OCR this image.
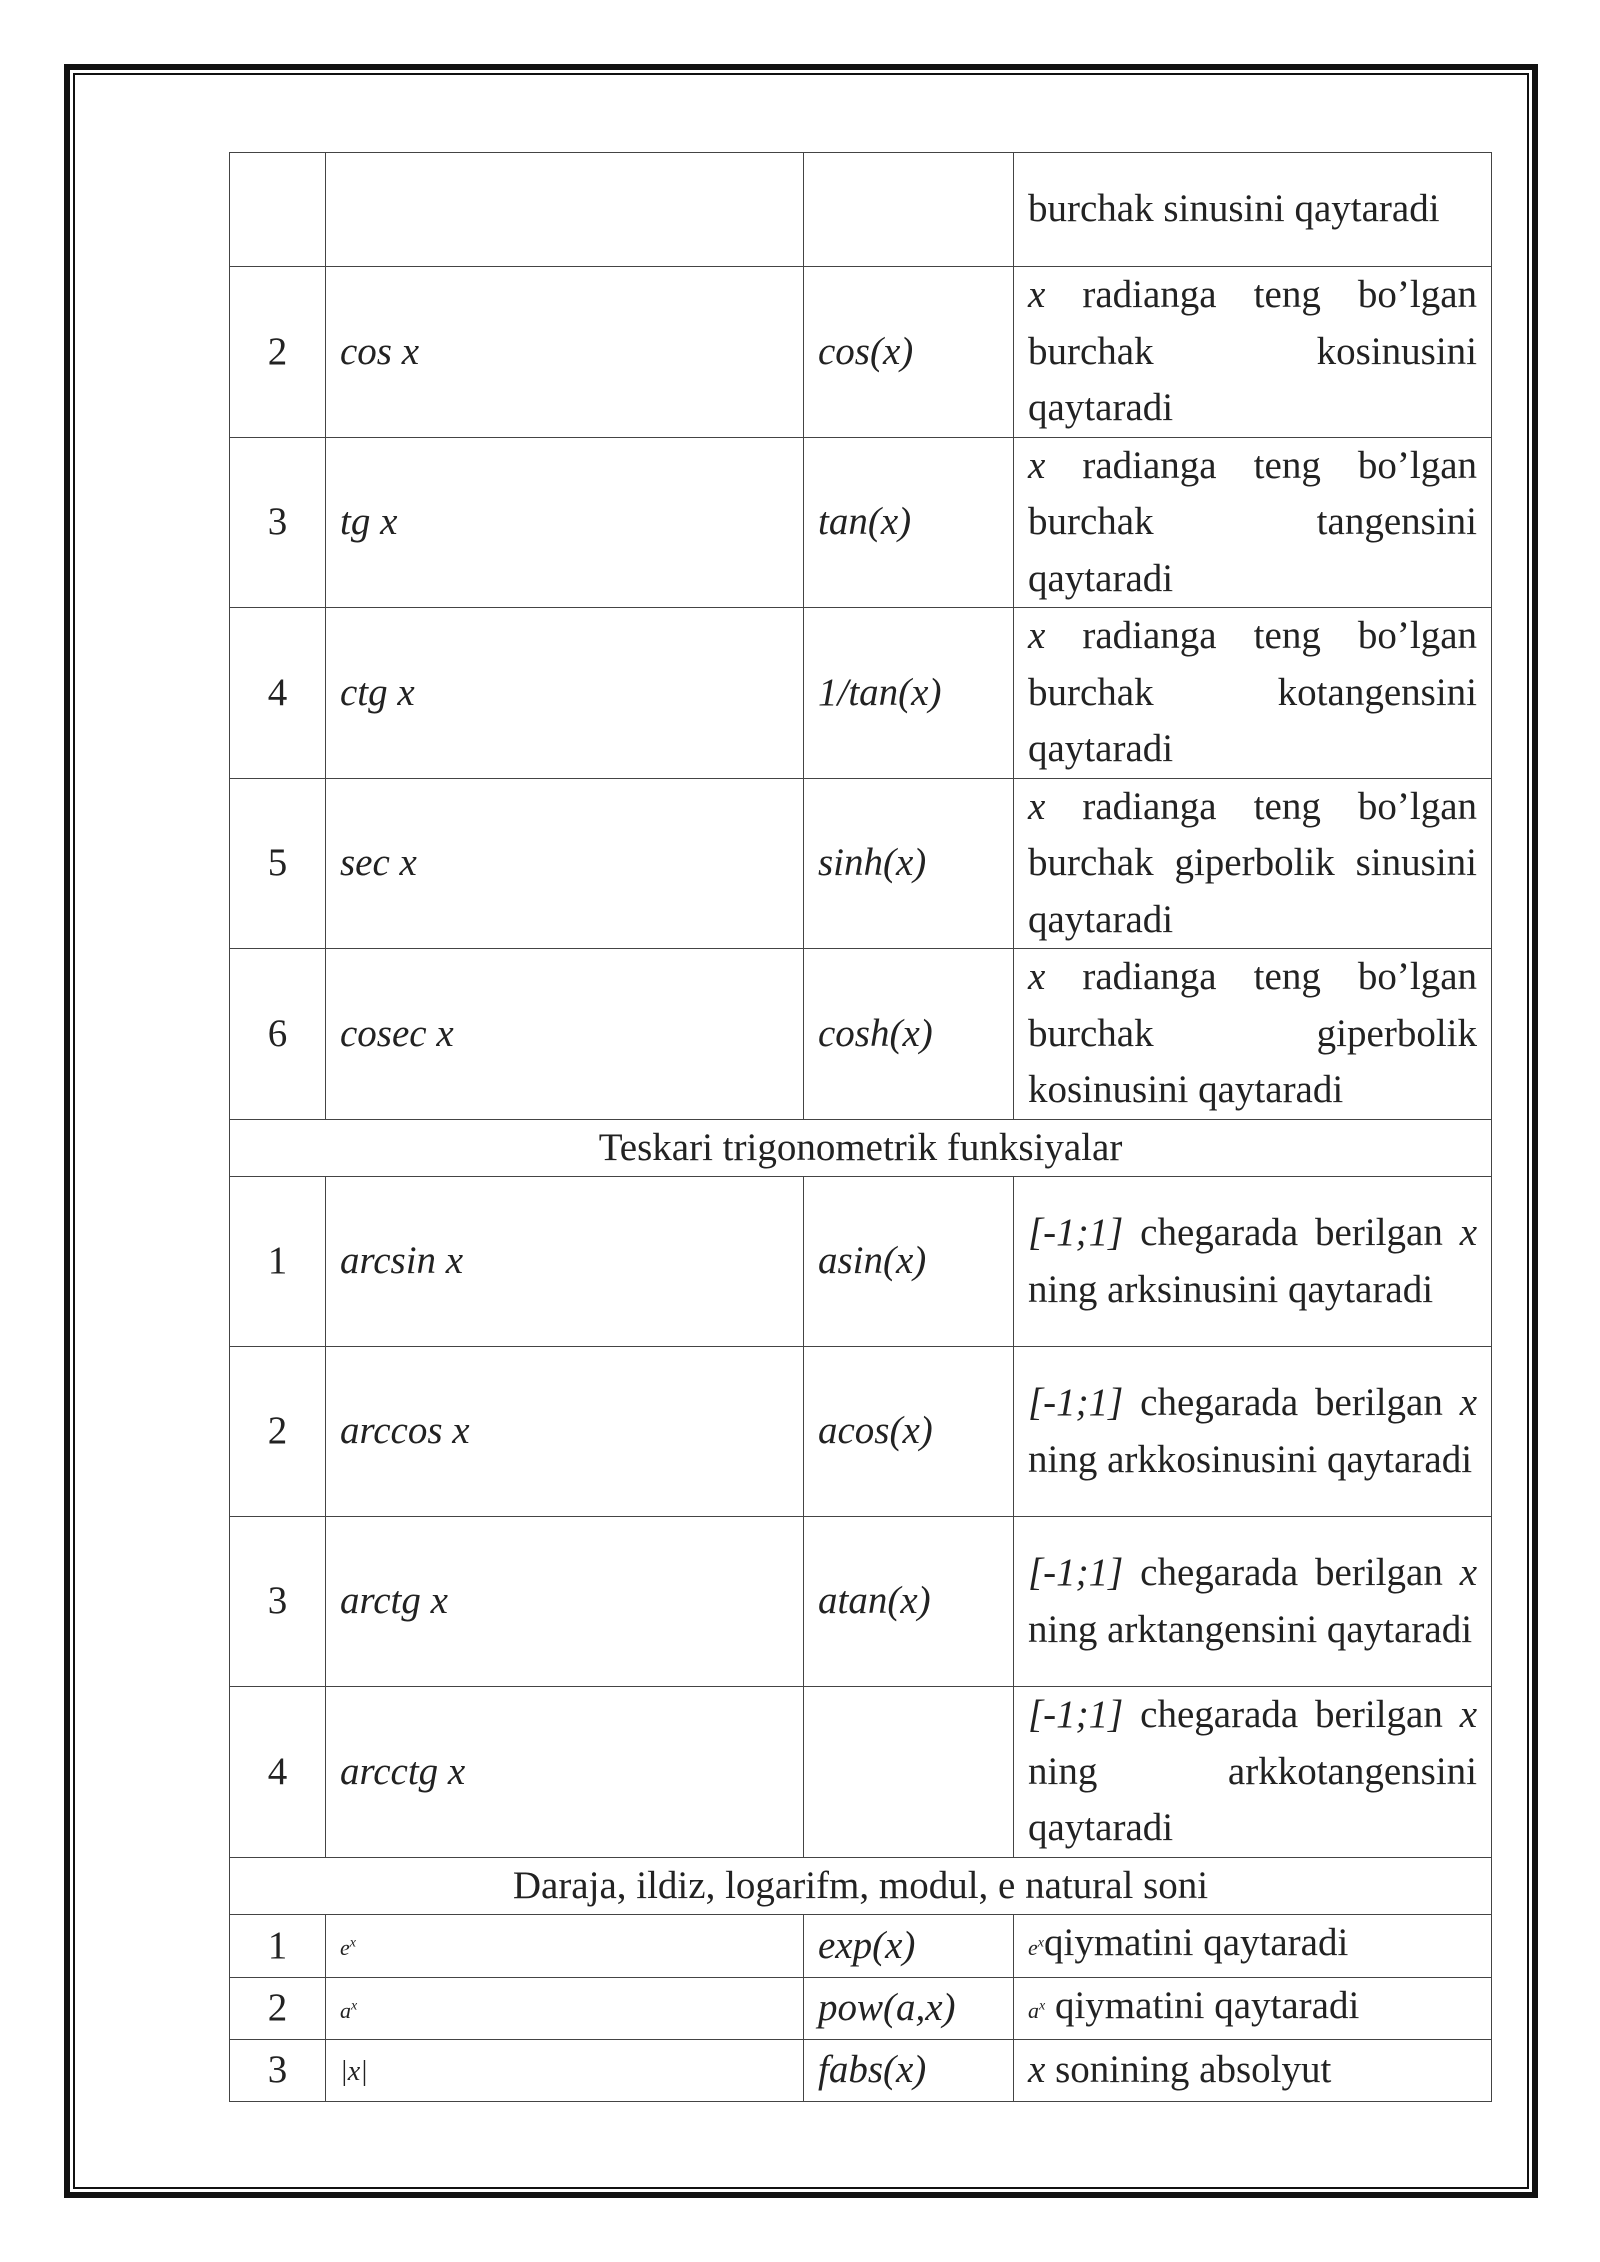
			burchak sinusini qaytaradi
2	cos x	cos(x)	x radianga teng bo’lgan burchak kosinusini qaytaradi
3	tg x	tan(x)	x radianga teng bo’lgan burchak tangensini qaytaradi
4	ctg x	1/tan(x)	x radianga teng bo’lgan burchak kotangensini qaytaradi
5	sec x	sinh(x)	x radianga teng bo’lgan burchak giperbolik sinusini qaytaradi
6	cosec x	cosh(x)	x radianga teng bo’lgan burchak giperbolik kosinusini qaytaradi
Teskari trigonometrik funksiyalar			
1	arcsin x	asin(x)	[-1;1] chegarada berilgan x ning arksinusini qaytaradi
2	arccos x	acos(x)	[-1;1] chegarada berilgan x ning arkkosinusini qaytaradi
3	arctg x	atan(x)	[-1;1] chegarada berilgan x ning arktangensini qaytaradi
4	arcctg x		[-1;1] chegarada berilgan x ning arkkotangensini qaytaradi
Daraja, ildiz, logarifm, modul, e natural soni			
1	$e^x$	exp(x)	$e^xqiymatini$ qaytaradi
2	$a^x$	pow(a,x)	$a^x$ qiymatini qaytaradi
3	|x|	fabs(x)	x sonining absolyut
